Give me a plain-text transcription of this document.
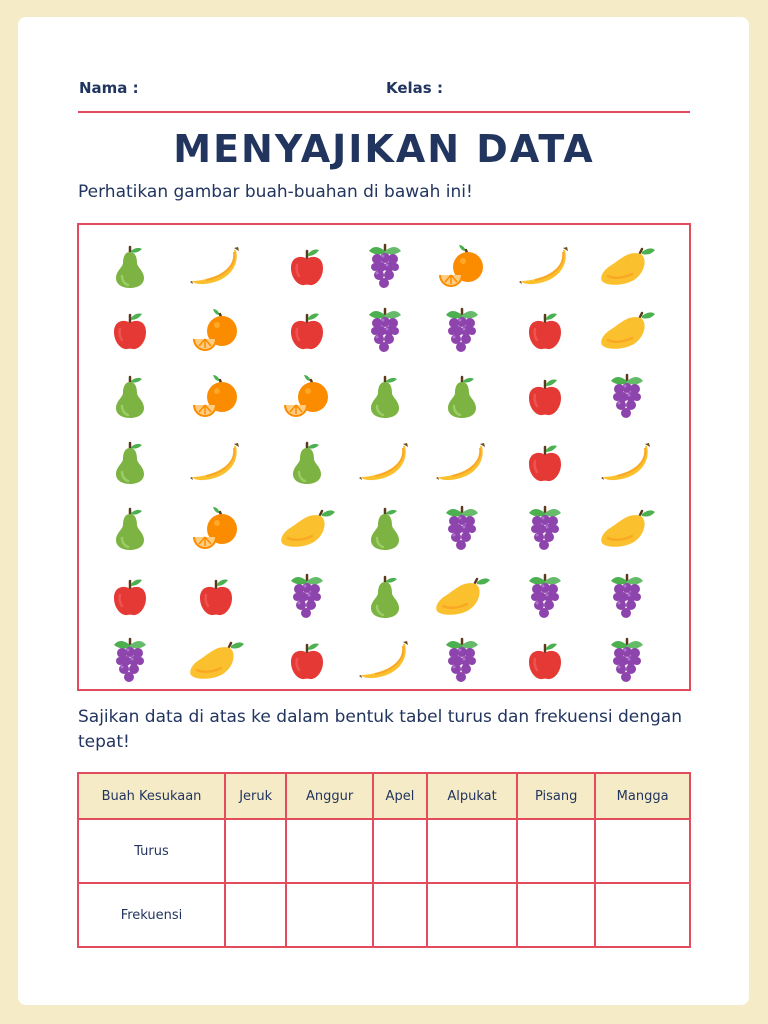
Nama :	Kelas :
MENYAJIKAN DATA
Perhatikan gambar buah-buahan di bawah ini!
Sajikan data di atas ke dalam bentuk tabel turus dan frekuensi dengan tepat!
Buah Kesukaan	Jeruk	Anggur	Apel	Alpukat	Pisang	Mangga
Turus						
Frekuensi						
